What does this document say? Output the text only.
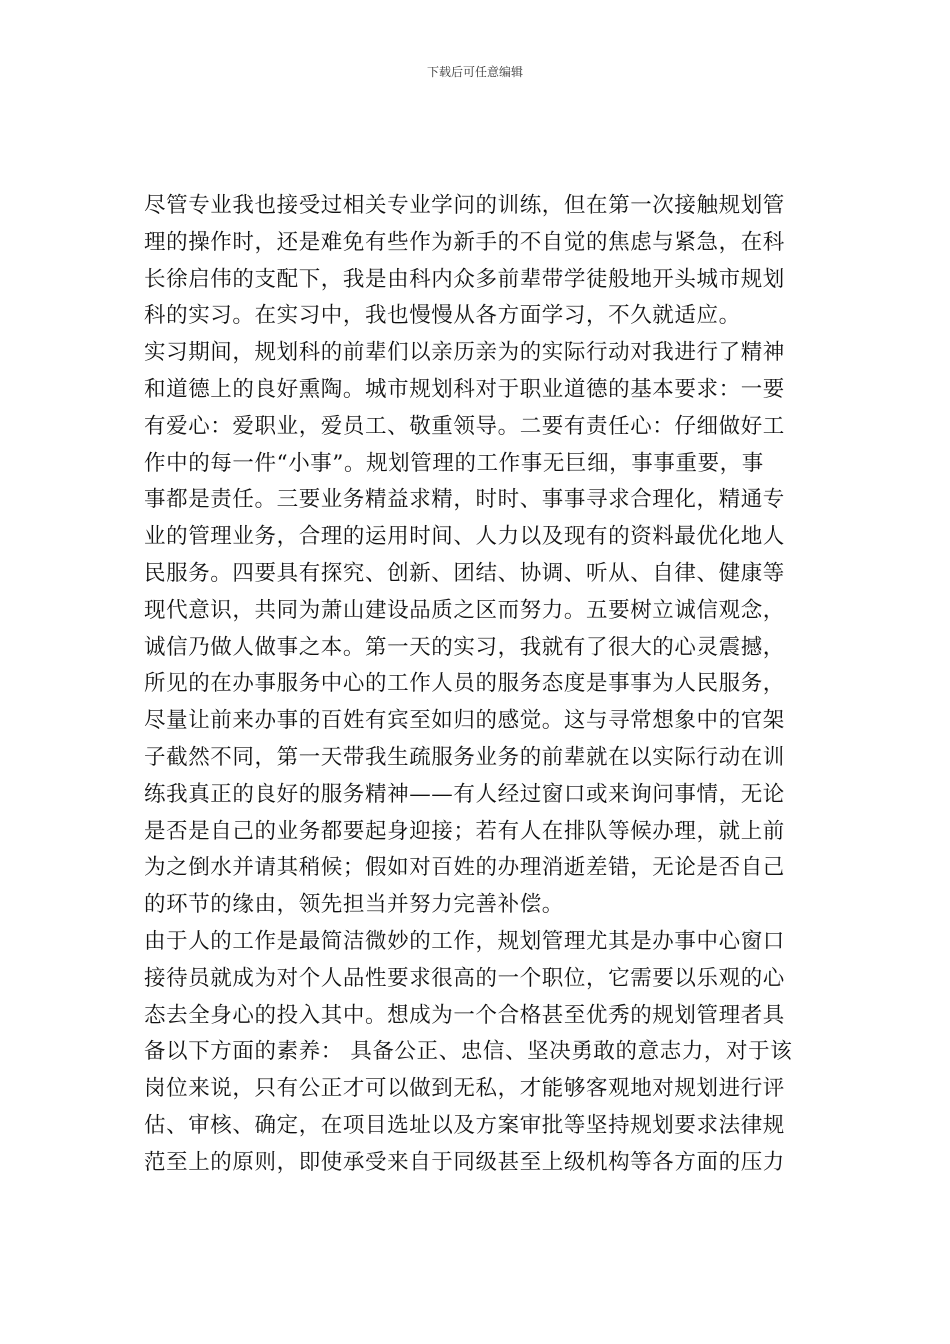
下载后可任意编辑
尽管专业我也接受过相关专业学问的训练，但在第一次接触规划管
理的操作时，还是难免有些作为新手的不自觉的焦虑与紧急，在科
长徐启伟的支配下，我是由科内众多前辈带学徒般地开头城市规划
科的实习。在实习中，我也慢慢从各方面学习，不久就适应。
实习期间，规划科的前辈们以亲历亲为的实际行动对我进行了精神
和道德上的良好熏陶。城市规划科对于职业道德的基本要求：一要
有爱心：爱职业，爱员工、敬重领导。二要有责任心：仔细做好工
作中的每一件“小事”。规划管理的工作事无巨细，事事重要，事
事都是责任。三要业务精益求精，时时、事事寻求合理化，精通专
业的管理业务，合理的运用时间、人力以及现有的资料最优化地人
民服务。四要具有探究、创新、团结、协调、听从、自律、健康等
现代意识，共同为萧山建设品质之区而努力。五要树立诚信观念，
诚信乃做人做事之本。第一天的实习，我就有了很大的心灵震撼，
所见的在办事服务中心的工作人员的服务态度是事事为人民服务，
尽量让前来办事的百姓有宾至如归的感觉。这与寻常想象中的官架
子截然不同，第一天带我生疏服务业务的前辈就在以实际行动在训
练我真正的良好的服务精神——有人经过窗口或来询问事情，无论
是否是自己的业务都要起身迎接；若有人在排队等候办理，就上前
为之倒水并请其稍候；假如对百姓的办理消逝差错，无论是否自己
的环节的缘由，领先担当并努力完善补偿。
由于人的工作是最简洁微妙的工作，规划管理尤其是办事中心窗口
接待员就成为对个人品性要求很高的一个职位，它需要以乐观的心
态去全身心的投入其中。想成为一个合格甚至优秀的规划管理者具
备以下方面的素养： 具备公正、忠信、坚决勇敢的意志力，对于该
岗位来说，只有公正才可以做到无私，才能够客观地对规划进行评
估、审核、确定，在项目选址以及方案审批等坚持规划要求法律规
范至上的原则，即使承受来自于同级甚至上级机构等各方面的压力
